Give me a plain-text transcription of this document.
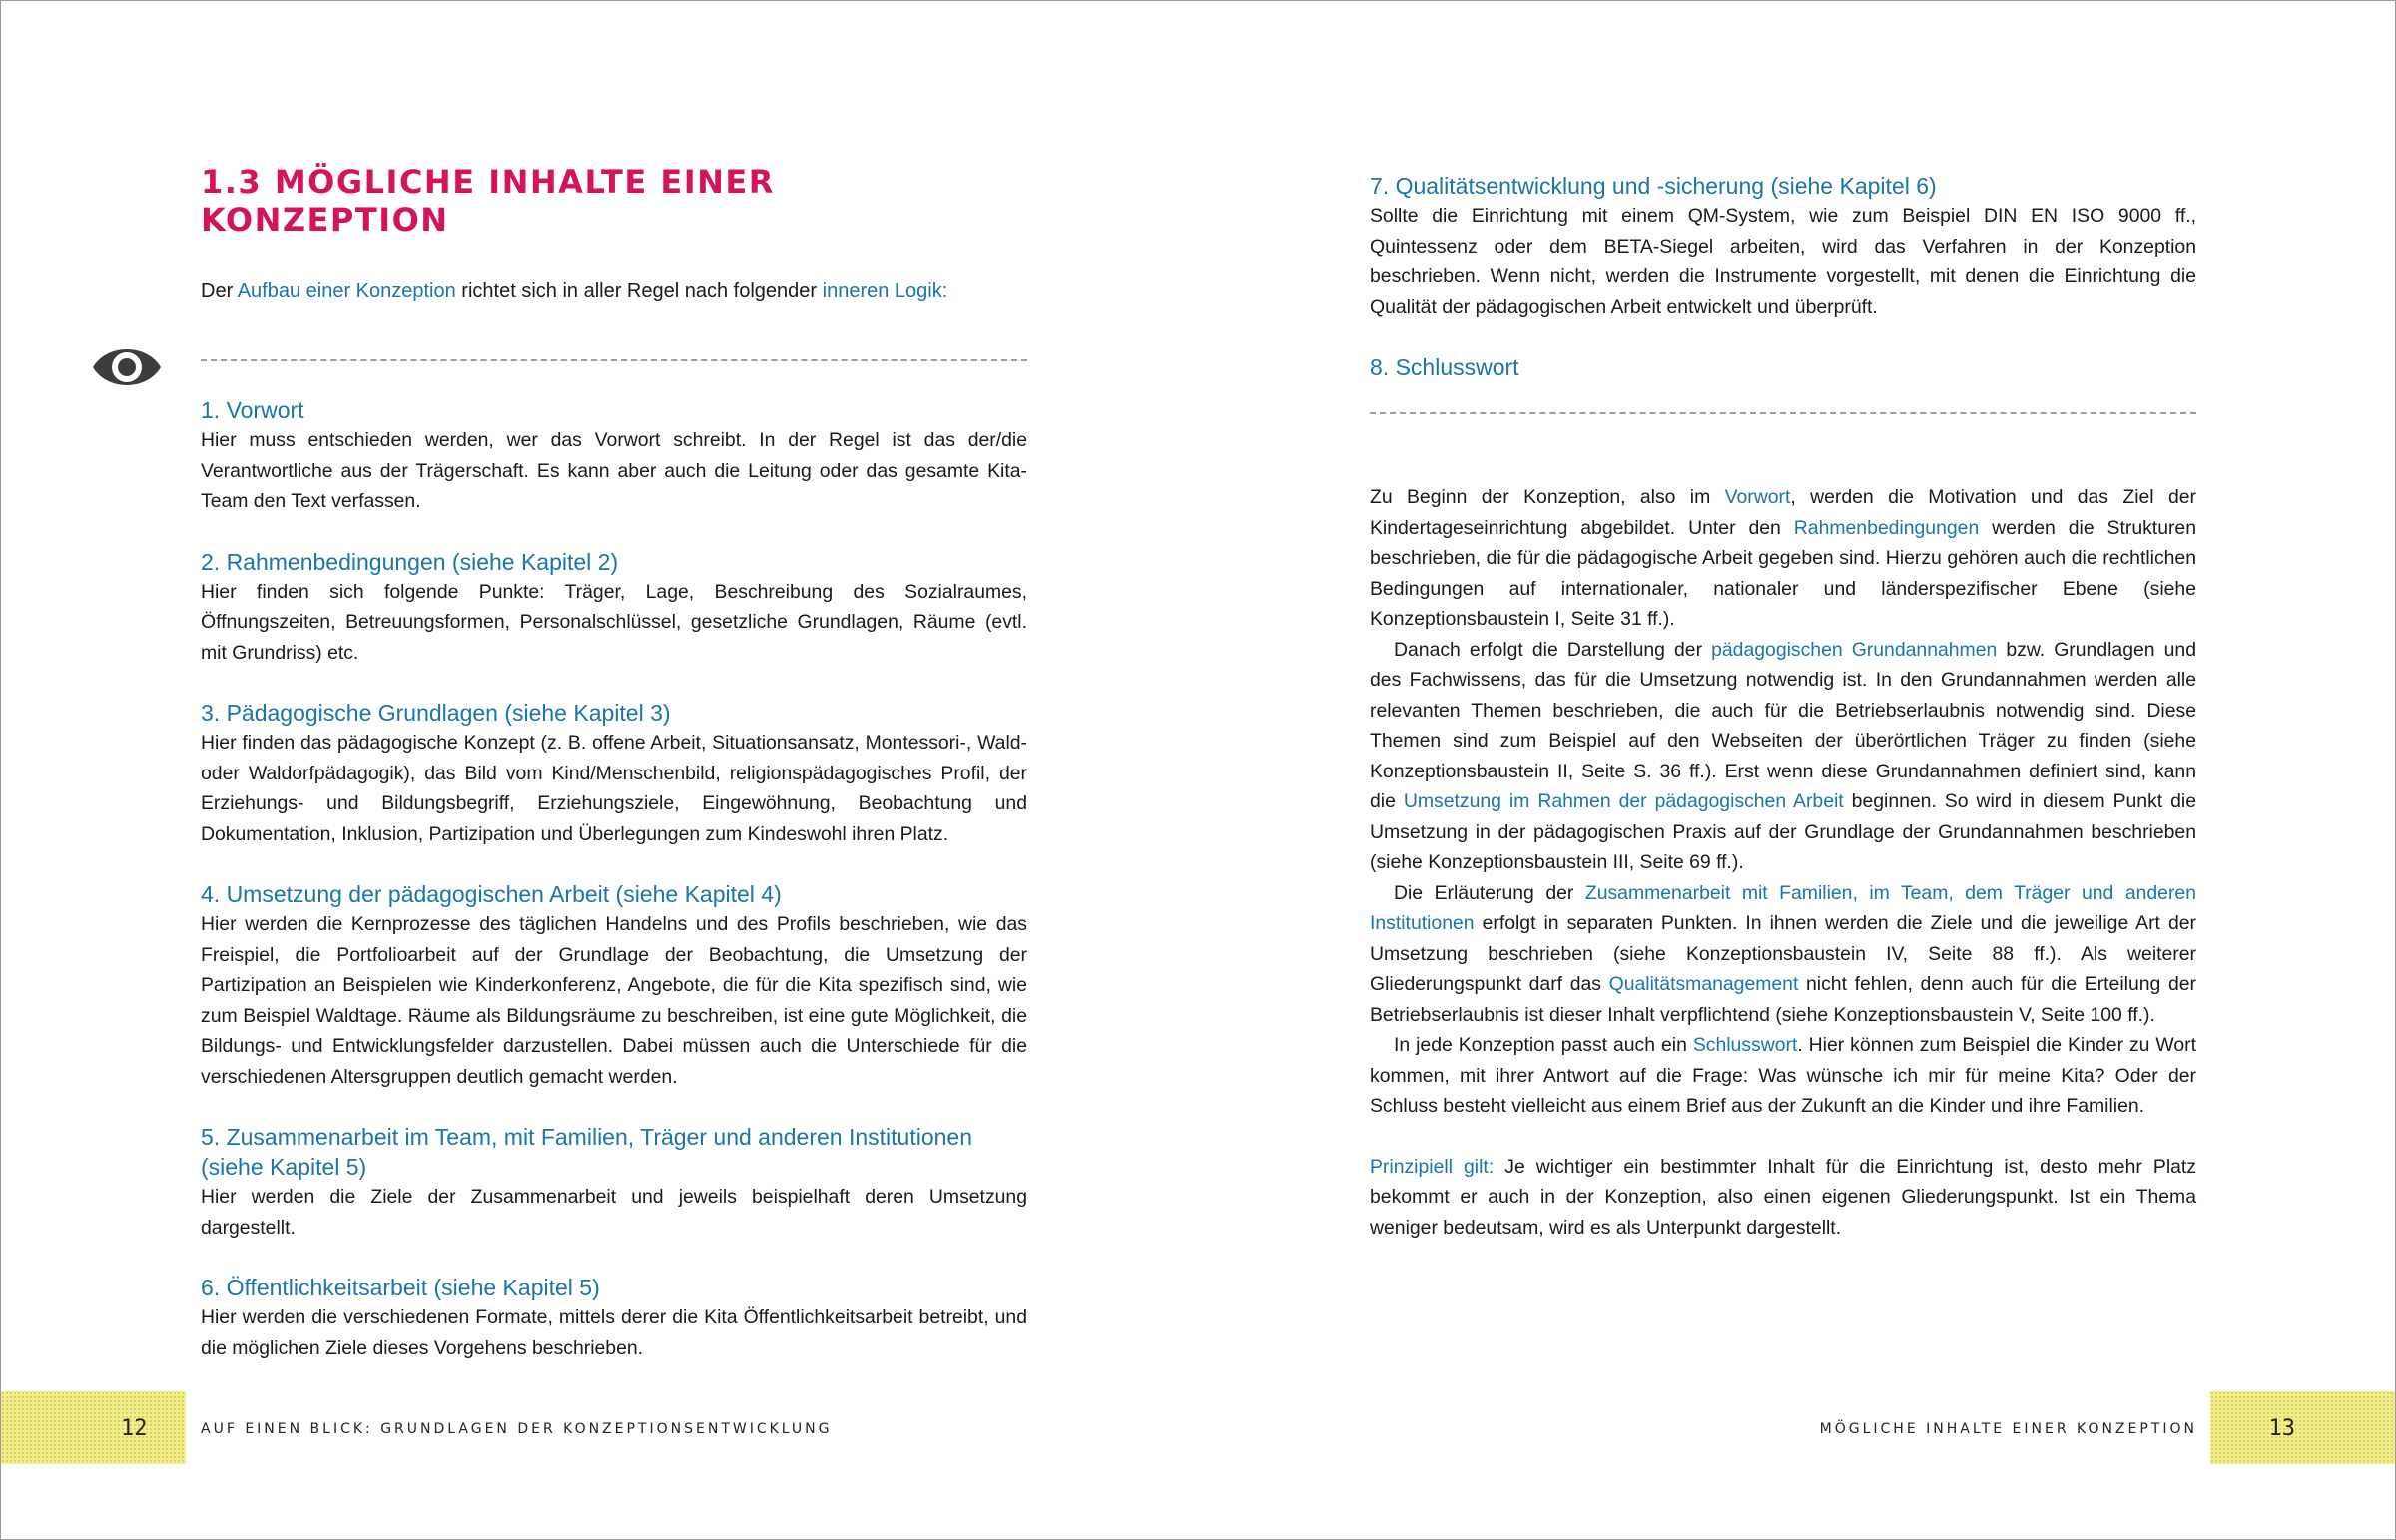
1.3 MÖGLICHE INHALTE EINER KONZEPTION

Der Aufbau einer Konzeption richtet sich in aller Regel nach folgender inneren Logik:

1. Vorwort

Hier muss entschieden werden, wer das Vorwort schreibt. In der Regel ist das der/die Verantwortliche aus der Trägerschaft. Es kann aber auch die Leitung oder das gesamte Kita-Team den Text verfassen.

2. Rahmenbedingungen (siehe Kapitel 2)

Hier finden sich folgende Punkte: Träger, Lage, Beschreibung des Sozialraumes, Öffnungszeiten, Betreuungsformen, Personalschlüssel, gesetzliche Grundlagen, Räume (evtl. mit Grundriss) etc.

3. Pädagogische Grundlagen (siehe Kapitel 3)

Hier finden das pädagogische Konzept (z. B. offene Arbeit, Situationsansatz, Montessori-, Wald- oder Waldorfpädagogik), das Bild vom Kind/Menschenbild, religionspädagogisches Profil, der Erziehungs- und Bildungsbegriff, Erziehungsziele, Eingewöhnung, Beobachtung und Dokumentation, Inklusion, Partizipation und Überlegungen zum Kindeswohl ihren Platz.

4. Umsetzung der pädagogischen Arbeit (siehe Kapitel 4)

Hier werden die Kernprozesse des täglichen Handelns und des Profils beschrieben, wie das Freispiel, die Portfolioarbeit auf der Grundlage der Beobachtung, die Umsetzung der Partizipation an Beispielen wie Kinderkonferenz, Angebote, die für die Kita spezifisch sind, wie zum Beispiel Waldtage. Räume als Bildungsräume zu beschreiben, ist eine gute Möglichkeit, die Bildungs- und Entwicklungsfelder darzustellen. Dabei müssen auch die Unterschiede für die verschiedenen Altersgruppen deutlich gemacht werden.

5. Zusammenarbeit im Team, mit Familien, Träger und anderen Institutionen (siehe Kapitel 5)

Hier werden die Ziele der Zusammenarbeit und jeweils beispielhaft deren Umsetzung dargestellt.

6. Öffentlichkeitsarbeit (siehe Kapitel 5)

Hier werden die verschiedenen Formate, mittels derer die Kita Öffentlichkeitsarbeit betreibt, und die möglichen Ziele dieses Vorgehens beschrieben.

12	AUF EINEN BLICK: GRUNDLAGEN DER KONZEPTIONSENTWICKLUNG
7. Qualitätsentwicklung und -sicherung (siehe Kapitel 6)

Sollte die Einrichtung mit einem QM-System, wie zum Beispiel DIN EN ISO 9000 ff., Quintessenz oder dem BETA-Siegel arbeiten, wird das Verfahren in der Konzeption beschrieben. Wenn nicht, werden die Instrumente vorgestellt, mit denen die Einrichtung die Qualität der pädagogischen Arbeit entwickelt und überprüft.

8. Schlusswort

Zu Beginn der Konzeption, also im Vorwort, werden die Motivation und das Ziel der Kindertageseinrichtung abgebildet. Unter den Rahmenbedingungen werden die Strukturen beschrieben, die für die pädagogische Arbeit gegeben sind. Hierzu gehören auch die rechtlichen Bedingungen auf internationaler, nationaler und länderspezifischer Ebene (siehe Konzeptionsbaustein I, Seite 31 ff.).

Danach erfolgt die Darstellung der pädagogischen Grundannahmen bzw. Grundlagen und des Fachwissens, das für die Umsetzung notwendig ist. In den Grundannahmen werden alle relevanten Themen beschrieben, die auch für die Betriebserlaubnis notwendig sind. Diese Themen sind zum Beispiel auf den Webseiten der überörtlichen Träger zu finden (siehe Konzeptionsbaustein II, Seite S. 36 ff.). Erst wenn diese Grundannahmen definiert sind, kann die Umsetzung im Rahmen der pädagogischen Arbeit beginnen. So wird in diesem Punkt die Umsetzung in der pädagogischen Praxis auf der Grundlage der Grundannahmen beschrieben (siehe Konzeptionsbaustein III, Seite 69 ff.).

Die Erläuterung der Zusammenarbeit mit Familien, im Team, dem Träger und anderen Institutionen erfolgt in separaten Punkten. In ihnen werden die Ziele und die jeweilige Art der Umsetzung beschrieben (siehe Konzeptionsbaustein IV, Seite 88 ff.). Als weiterer Gliederungspunkt darf das Qualitätsmanagement nicht fehlen, denn auch für die Erteilung der Betriebserlaubnis ist dieser Inhalt verpflichtend (siehe Konzeptionsbaustein V, Seite 100 ff.).

In jede Konzeption passt auch ein Schlusswort. Hier können zum Beispiel die Kinder zu Wort kommen, mit ihrer Antwort auf die Frage: Was wünsche ich mir für meine Kita? Oder der Schluss besteht vielleicht aus einem Brief aus der Zukunft an die Kinder und ihre Familien.

Prinzipiell gilt: Je wichtiger ein bestimmter Inhalt für die Einrichtung ist, desto mehr Platz bekommt er auch in der Konzeption, also einen eigenen Gliederungspunkt. Ist ein Thema weniger bedeutsam, wird es als Unterpunkt dargestellt.

MÖGLICHE INHALTE EINER KONZEPTION	13
